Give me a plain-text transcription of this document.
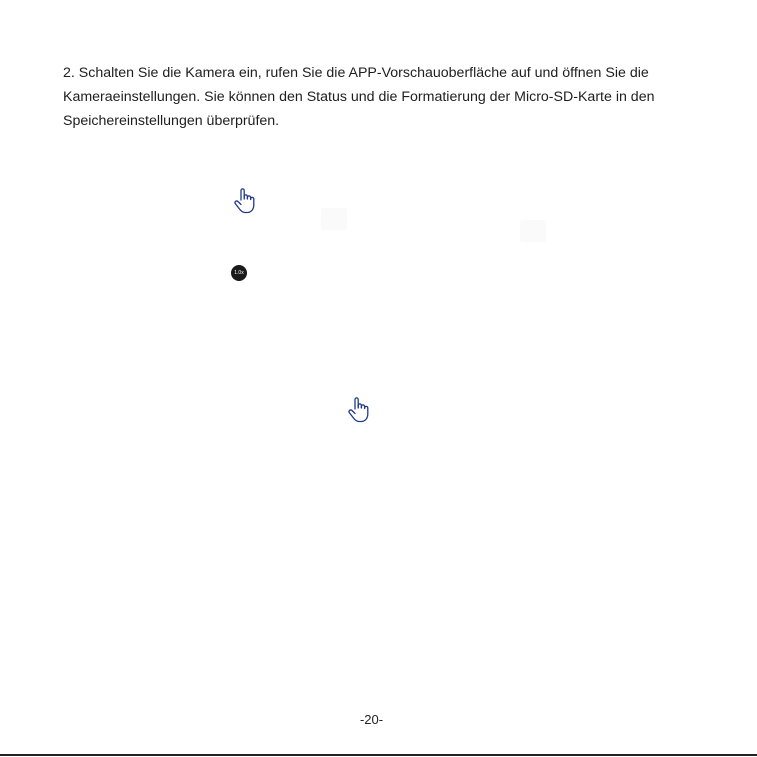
2. Schalten Sie die Kamera ein, rufen Sie die APP-Vorschauoberfläche auf und öffnen Sie die Kameraeinstellungen. Sie können den Status und die Formatierung der Micro-SD-Karte in den Speichereinstellungen überprüfen.

1.0x
-20-
